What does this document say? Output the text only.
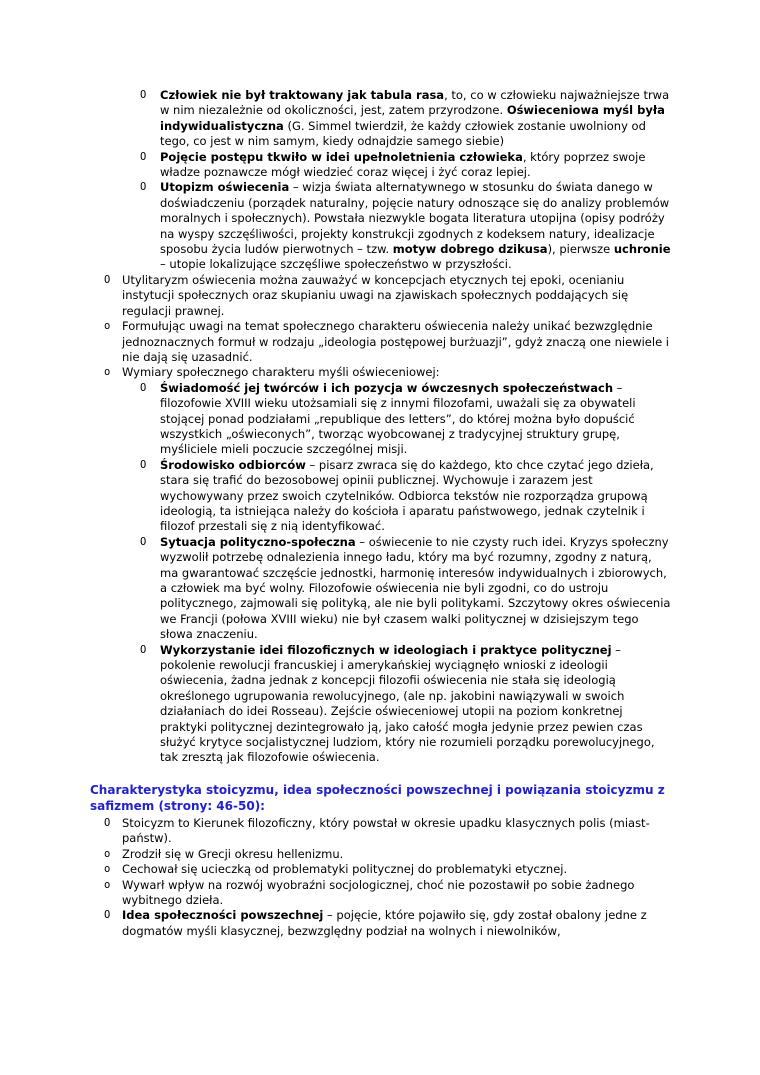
O Człowiek nie był traktowany jak tabula rasa, to, co w człowieku najważniejsze trwa w nim niezależnie od okoliczności, jest, zatem przyrodzone. Oświeceniowa myśl była indywidualistyczna (G. Simmel twierdził, że każdy człowiek zostanie uwolniony od tego, co jest w nim samym, kiedy odnajdzie samego siebie)
O Pojęcie postępu tkwiło w idei upełnoletnienia człowieka, który poprzez swoje władze poznawcze mógł wiedzieć coraz więcej i żyć coraz lepiej.
O Utopizm oświecenia – wizja świata alternatywnego w stosunku do świata danego w doświadczeniu (porządek naturalny, pojęcie natury odnoszące się do analizy problemów moralnych i społecznych). Powstała niezwykle bogata literatura utopijna (opisy podróży na wyspy szczęśliwości, projekty konstrukcji zgodnych z kodeksem natury, idealizacje sposobu życia ludów pierwotnych – tzw. motyw dobrego dzikusa), pierwsze uchronie – utopie lokalizujące szczęśliwe społeczeństwo w przyszłości.
O Utylitaryzm oświecenia można zauważyć w koncepcjach etycznych tej epoki, ocenianiu instytucji społecznych oraz skupianiu uwagi na zjawiskach społecznych poddających się regulacji prawnej.
o Formułując uwagi na temat społecznego charakteru oświecenia należy unikać bezwzględnie jednoznacznych formuł w rodzaju „ideologia postępowej burżuazji”, gdyż znaczą one niewiele i nie dają się uzasadnić.
o Wymiary społecznego charakteru myśli oświeceniowej:
O Świadomość jej twórców i ich pozycja w ówczesnych społeczeństwach – filozofowie XVIII wieku utożsamiali się z innymi filozofami, uważali się za obywateli stojącej ponad podziałami „republique des letters”, do której można było dopuścić wszystkich „oświeconych”, tworząc wyobcowanej z tradycyjnej struktury grupę, myśliciele mieli poczucie szczególnej misji.
O Środowisko odbiorców – pisarz zwraca się do każdego, kto chce czytać jego dzieła, stara się trafić do bezosobowej opinii publicznej. Wychowuje i zarazem jest wychowywany przez swoich czytelników. Odbiorca tekstów nie rozporządza grupową ideologią, ta istniejąca należy do kościoła i aparatu państwowego, jednak czytelnik i filozof przestali się z nią identyfikować.
O Sytuacja polityczno-społeczna – oświecenie to nie czysty ruch idei. Kryzys społeczny wyzwolił potrzebę odnalezienia innego ładu, który ma być rozumny, zgodny z naturą, ma gwarantować szczęście jednostki, harmonię interesów indywidualnych i zbiorowych, a człowiek ma być wolny. Filozofowie oświecenia nie byli zgodni, co do ustroju politycznego, zajmowali się polityką, ale nie byli politykami. Szczytowy okres oświecenia we Francji (połowa XVIII wieku) nie był czasem walki politycznej w dzisiejszym tego słowa znaczeniu.
O Wykorzystanie idei filozoficznych w ideologiach i praktyce politycznej – pokolenie rewolucji francuskiej i amerykańskiej wyciągnęło wnioski z ideologii oświecenia, żadna jednak z koncepcji filozofii oświecenia nie stała się ideologią określonego ugrupowania rewolucyjnego, (ale np. jakobini nawiązywali w swoich działaniach do idei Rosseau). Zejście oświeceniowej utopii na poziom konkretnej praktyki politycznej dezintegrowało ją, jako całość mogła jedynie przez pewien czas służyć krytyce socjalistycznej ludziom, który nie rozumieli porządku porewolucyjnego, tak zresztą jak filozofowie oświecenia.
Charakterystyka stoicyzmu, idea społeczności powszechnej i powiązania stoicyzmu z safizmem (strony: 46-50):
O Stoicyzm to Kierunek filozoficzny, który powstał w okresie upadku klasycznych polis (miast-państw).
o Zrodził się w Grecji okresu hellenizmu.
o Cechował się ucieczką od problematyki politycznej do problematyki etycznej.
o Wywarł wpływ na rozwój wyobraźni socjologicznej, choć nie pozostawił po sobie żadnego wybitnego dzieła.
O Idea społeczności powszechnej – pojęcie, które pojawiło się, gdy został obalony jedne z dogmatów myśli klasycznej, bezwzględny podział na wolnych i niewolników,
